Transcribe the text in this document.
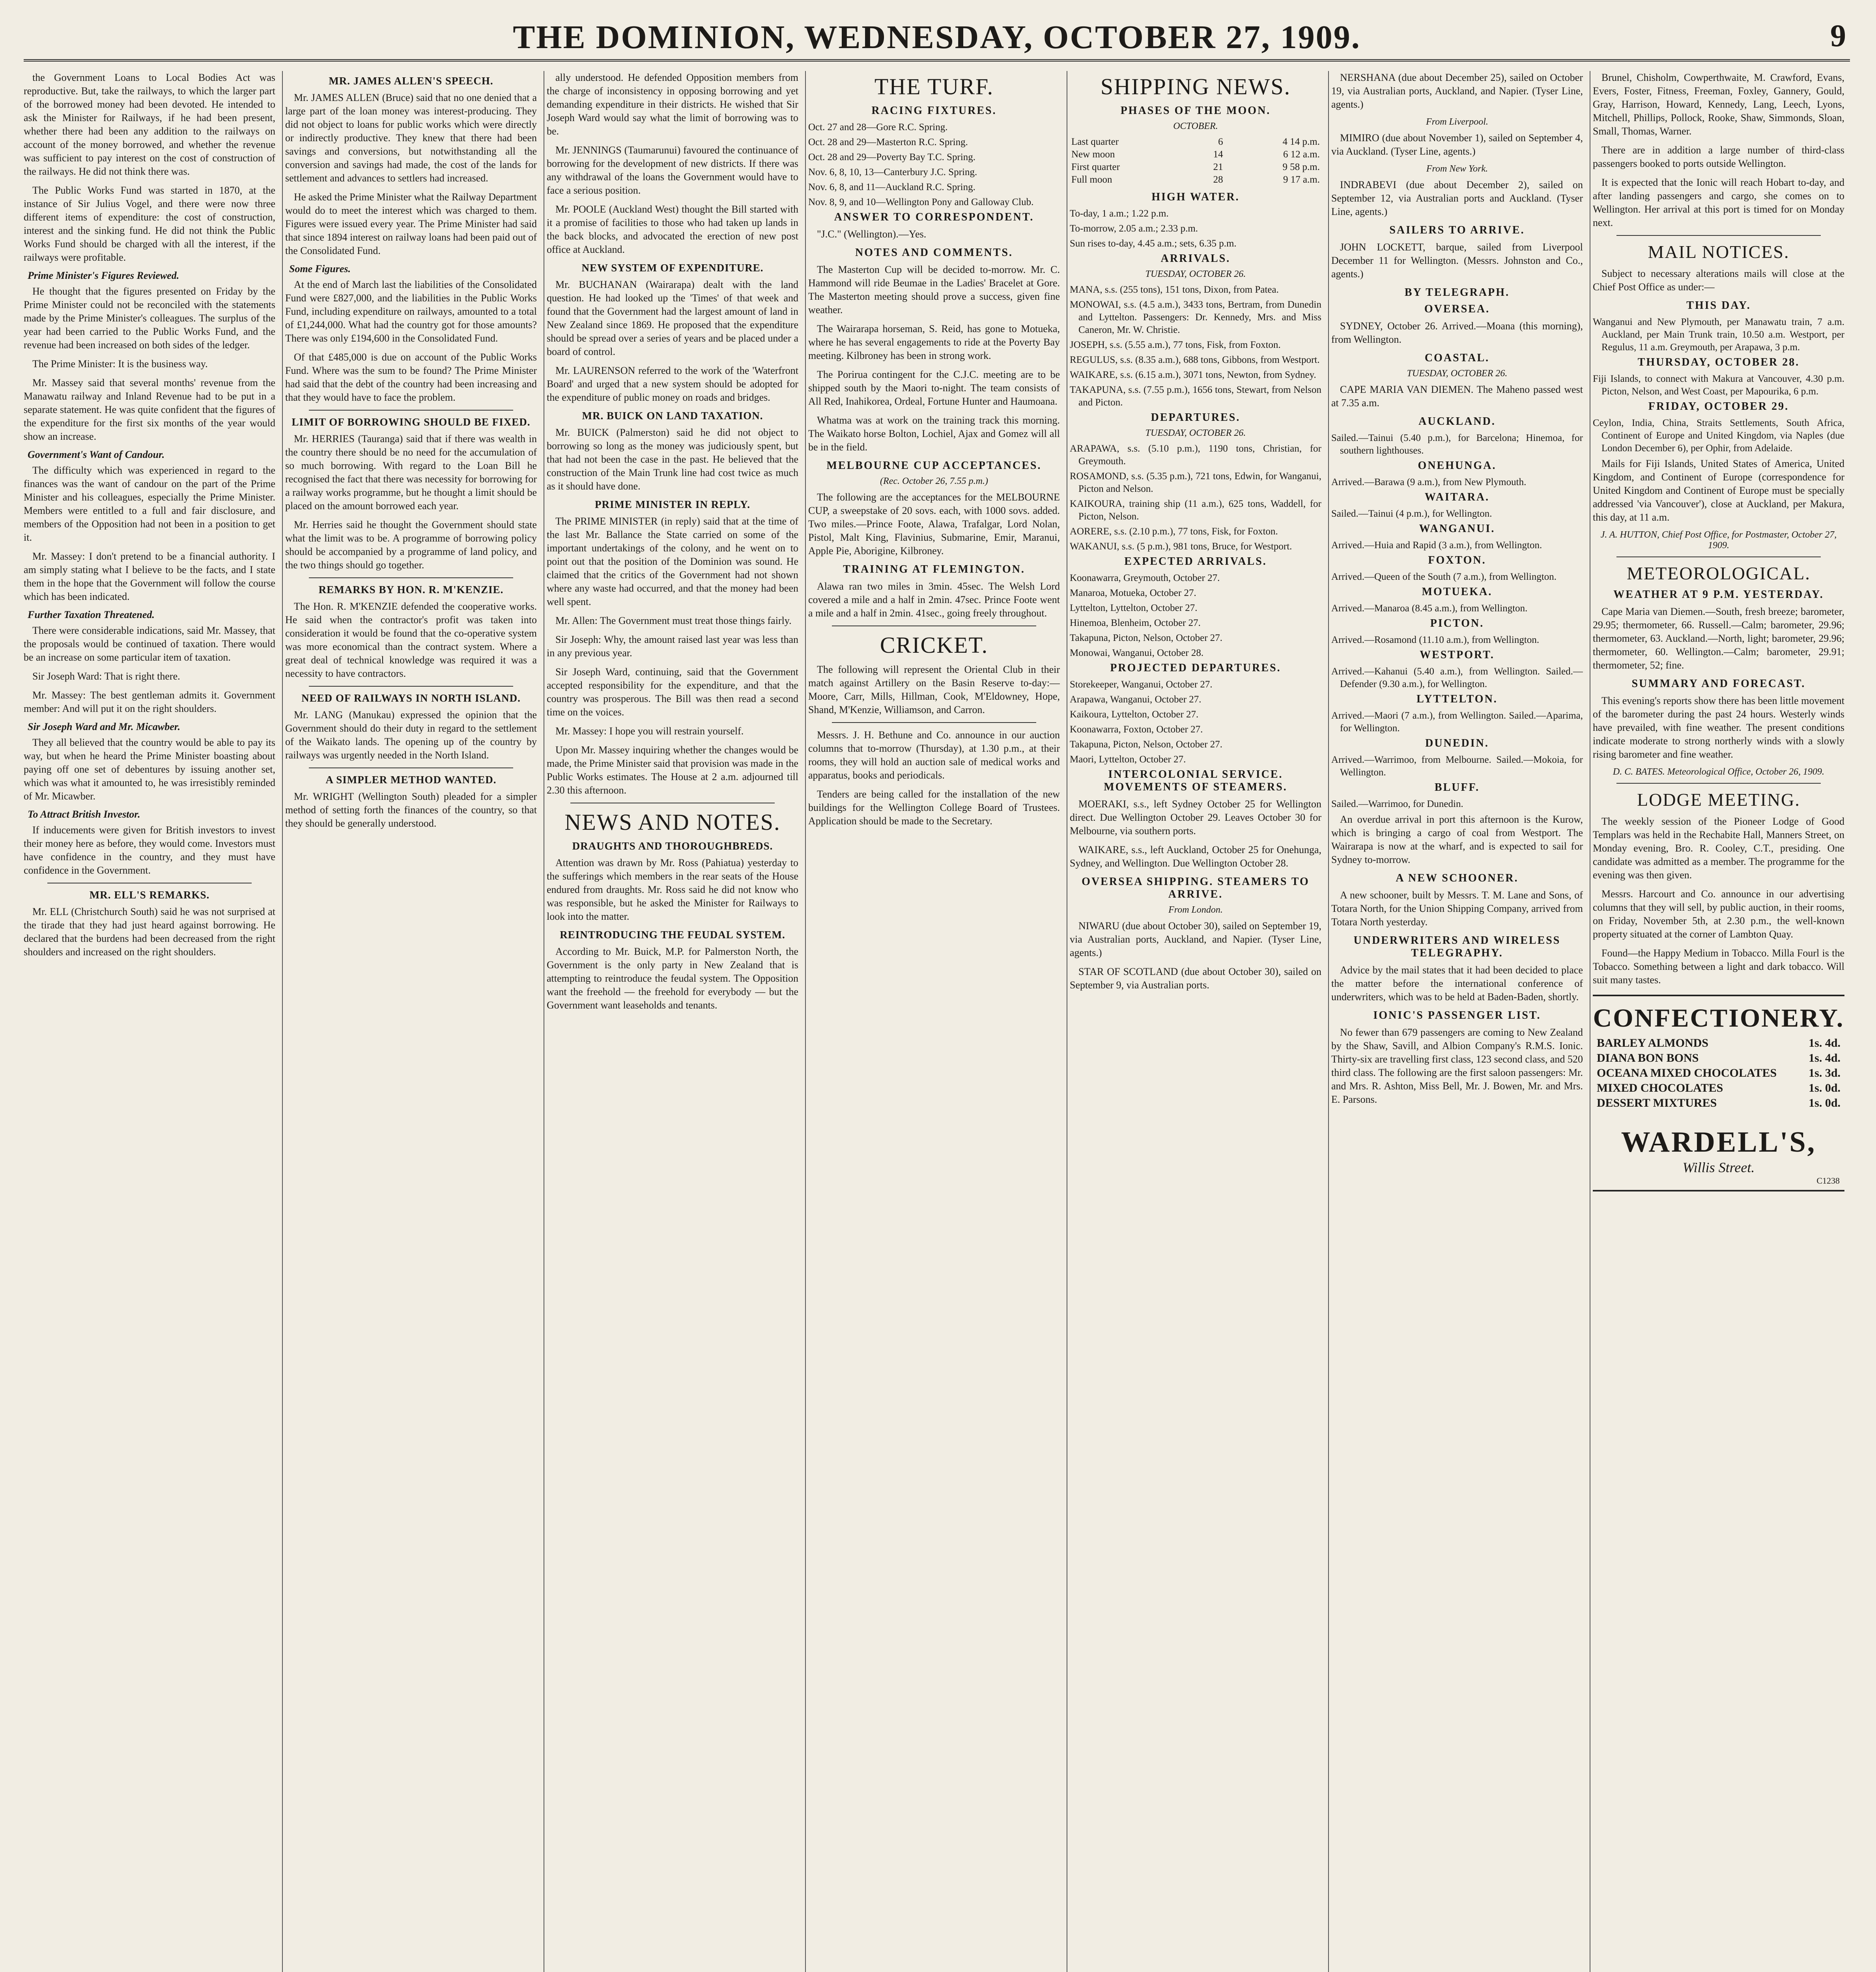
THE DOMINION, WEDNESDAY, OCTOBER 27, 1909.	9

the Government Loans to Local Bodies Act was reproductive. But, take the railways, to which the larger part of the borrowed money had been devoted. He intended to ask the Minister for Railways, if he had been present, whether there had been any addition to the railways on account of the money borrowed, and whether the revenue was sufficient to pay interest on the cost of construction of the railways. He did not think there was.

The Public Works Fund was started in 1870, at the instance of Sir Julius Vogel, and there were now three different items of expenditure: the cost of construction, interest and the sinking fund. He did not think the Public Works Fund should be charged with all the interest, if the railways were profitable.

Prime Minister's Figures Reviewed.

He thought that the figures presented on Friday by the Prime Minister could not be reconciled with the statements made by the Prime Minister's colleagues. The surplus of the year had been carried to the Public Works Fund, and the revenue had been increased on both sides of the ledger.

The Prime Minister: It is the business way.

Mr. Massey said that several months' revenue from the Manawatu railway and Inland Revenue had to be put in a separate statement. He was quite confident that the figures of the expenditure for the first six months of the year would show an increase.

Government's Want of Candour.

The difficulty which was experienced in regard to the finances was the want of candour on the part of the Prime Minister and his colleagues, especially the Prime Minister. Members were entitled to a full and fair disclosure, and members of the Opposition had not been in a position to get it.

Mr. Massey: I don't pretend to be a financial authority. I am simply stating what I believe to be the facts, and I state them in the hope that the Government will follow the course which has been indicated.

Further Taxation Threatened.

There were considerable indications, said Mr. Massey, that the proposals would be continued of taxation. There would be an increase on some particular item of taxation.

Sir Joseph Ward: That is right there.

Mr. Massey: The best gentleman admits it. Government member: And will put it on the right shoulders.

Sir Joseph Ward and Mr. Micawber.

They all believed that the country would be able to pay its way, but when he heard the Prime Minister boasting about paying off one set of debentures by issuing another set, which was what it amounted to, he was irresistibly reminded of Mr. Micawber.

To Attract British Investor.

If inducements were given for British investors to invest their money here as before, they would come. Investors must have confidence in the country, and they must have confidence in the Government.

MR. ELL'S REMARKS.

Mr. ELL (Christchurch South) said he was not surprised at the tirade that they had just heard against borrowing. He declared that the burdens had been decreased from the right shoulders and increased on the right shoulders.

MR. JAMES ALLEN'S SPEECH.

Mr. JAMES ALLEN (Bruce) said that no one denied that a large part of the loan money was interest-producing. They did not object to loans for public works which were directly or indirectly productive. They knew that there had been savings and conversions, but notwithstanding all the conversion and savings had made, the cost of the lands for settlement and advances to settlers had increased.

He asked the Prime Minister what the Railway Department would do to meet the interest which was charged to them. Figures were issued every year. The Prime Minister had said that since 1894 interest on railway loans had been paid out of the Consolidated Fund.

Some Figures.

At the end of March last the liabilities of the Consolidated Fund were £827,000, and the liabilities in the Public Works Fund, including expenditure on railways, amounted to a total of £1,244,000. What had the country got for those amounts? There was only £194,600 in the Consolidated Fund.

Of that £485,000 is due on account of the Public Works Fund. Where was the sum to be found? The Prime Minister had said that the debt of the country had been increasing and that they would have to face the problem.

LIMIT OF BORROWING SHOULD BE FIXED.

Mr. HERRIES (Tauranga) said that if there was wealth in the country there should be no need for the accumulation of so much borrowing. With regard to the Loan Bill he recognised the fact that there was necessity for borrowing for a railway works programme, but he thought a limit should be placed on the amount borrowed each year.

Mr. Herries said he thought the Government should state what the limit was to be. A programme of borrowing policy should be accompanied by a programme of land policy, and the two things should go together.

REMARKS BY HON. R. M'KENZIE.

The Hon. R. M'KENZIE defended the cooperative works. He said when the contractor's profit was taken into consideration it would be found that the co-operative system was more economical than the contract system. Where a great deal of technical knowledge was required it was a necessity to have contractors.

NEED OF RAILWAYS IN NORTH ISLAND.

Mr. LANG (Manukau) expressed the opinion that the Government should do their duty in regard to the settlement of the Waikato lands. The opening up of the country by railways was urgently needed in the North Island.

A SIMPLER METHOD WANTED.

Mr. WRIGHT (Wellington South) pleaded for a simpler method of setting forth the finances of the country, so that they should be generally understood.

ally understood. He defended Opposition members from the charge of inconsistency in opposing borrowing and yet demanding expenditure in their districts. He wished that Sir Joseph Ward would say what the limit of borrowing was to be.

Mr. JENNINGS (Taumarunui) favoured the continuance of borrowing for the development of new districts. If there was any withdrawal of the loans the Government would have to face a serious position.

Mr. POOLE (Auckland West) thought the Bill started with it a promise of facilities to those who had taken up lands in the back blocks, and advocated the erection of new post office at Auckland.

NEW SYSTEM OF EXPENDITURE.

Mr. BUCHANAN (Wairarapa) dealt with the land question. He had looked up the 'Times' of that week and found that the Government had the largest amount of land in New Zealand since 1869. He proposed that the expenditure should be spread over a series of years and be placed under a board of control.

Mr. LAURENSON referred to the work of the 'Waterfront Board' and urged that a new system should be adopted for the expenditure of public money on roads and bridges.

MR. BUICK ON LAND TAXATION.

Mr. BUICK (Palmerston) said he did not object to borrowing so long as the money was judiciously spent, but that had not been the case in the past. He believed that the construction of the Main Trunk line had cost twice as much as it should have done.

PRIME MINISTER IN REPLY.

The PRIME MINISTER (in reply) said that at the time of the last Mr. Ballance the State carried on some of the important undertakings of the colony, and he went on to point out that the position of the Dominion was sound. He claimed that the critics of the Government had not shown where any waste had occurred, and that the money had been well spent.

Mr. Allen: The Government must treat those things fairly.

Sir Joseph: Why, the amount raised last year was less than in any previous year.

Sir Joseph Ward, continuing, said that the Government accepted responsibility for the expenditure, and that the country was prosperous. The Bill was then read a second time on the voices.

Mr. Massey: I hope you will restrain yourself.

Upon Mr. Massey inquiring whether the changes would be made, the Prime Minister said that provision was made in the Public Works estimates. The House at 2 a.m. adjourned till 2.30 this afternoon.

NEWS AND NOTES.
DRAUGHTS AND THOROUGHBREDS.

Attention was drawn by Mr. Ross (Pahiatua) yesterday to the sufferings which members in the rear seats of the House endured from draughts. Mr. Ross said he did not know who was responsible, but he asked the Minister for Railways to look into the matter.

REINTRODUCING THE FEUDAL SYSTEM.

According to Mr. Buick, M.P. for Palmerston North, the Government is the only party in New Zealand that is attempting to reintroduce the feudal system. The Opposition want the freehold — the freehold for everybody — but the Government want leaseholds and tenants.

THE TURF.
RACING FIXTURES.
Oct. 27 and 28—Gore R.C. Spring.
Oct. 28 and 29—Masterton R.C. Spring.
Oct. 28 and 29—Poverty Bay T.C. Spring.
Nov. 6, 8, 10, 13—Canterbury J.C. Spring.
Nov. 6, 8, and 11—Auckland R.C. Spring.
Nov. 8, 9, and 10—Wellington Pony and Galloway Club.
ANSWER TO CORRESPONDENT.

"J.C." (Wellington).—Yes.

NOTES AND COMMENTS.

The Masterton Cup will be decided to-morrow. Mr. C. Hammond will ride Beumae in the Ladies' Bracelet at Gore. The Masterton meeting should prove a success, given fine weather.

The Wairarapa horseman, S. Reid, has gone to Motueka, where he has several engagements to ride at the Poverty Bay meeting. Kilbroney has been in strong work.

The Porirua contingent for the C.J.C. meeting are to be shipped south by the Maori to-night. The team consists of All Red, Inahikorea, Ordeal, Fortune Hunter and Haumoana.

Whatma was at work on the training track this morning. The Waikato horse Bolton, Lochiel, Ajax and Gomez will all be in the field.

MELBOURNE CUP ACCEPTANCES.
(Rec. October 26, 7.55 p.m.)

The following are the acceptances for the MELBOURNE CUP, a sweepstake of 20 sovs. each, with 1000 sovs. added. Two miles.—Prince Foote, Alawa, Trafalgar, Lord Nolan, Pistol, Malt King, Flavinius, Submarine, Emir, Maranui, Apple Pie, Aborigine, Kilbroney.

TRAINING AT FLEMINGTON.

Alawa ran two miles in 3min. 45sec. The Welsh Lord covered a mile and a half in 2min. 47sec. Prince Foote went a mile and a half in 2min. 41sec., going freely throughout.

CRICKET.

The following will represent the Oriental Club in their match against Artillery on the Basin Reserve to-day:—Moore, Carr, Mills, Hillman, Cook, M'Eldowney, Hope, Shand, M'Kenzie, Williamson, and Carron.

Messrs. J. H. Bethune and Co. announce in our auction columns that to-morrow (Thursday), at 1.30 p.m., at their rooms, they will hold an auction sale of medical works and apparatus, books and periodicals.

Tenders are being called for the installation of the new buildings for the Wellington College Board of Trustees. Application should be made to the Secretary.

SHIPPING NEWS.
PHASES OF THE MOON.
OCTOBER.
Last quarter	6	4 14 p.m.
New moon	14	6 12 a.m.
First quarter	21	9 58 p.m.
Full moon	28	9 17 a.m.
HIGH WATER.
To-day, 1 a.m.; 1.22 p.m.
To-morrow, 2.05 a.m.; 2.33 p.m.
Sun rises to-day, 4.45 a.m.; sets, 6.35 p.m.
ARRIVALS.
TUESDAY, OCTOBER 26.
MANA, s.s. (255 tons), 151 tons, Dixon, from Patea.
MONOWAI, s.s. (4.5 a.m.), 3433 tons, Bertram, from Dunedin and Lyttelton. Passengers: Dr. Kennedy, Mrs. and Miss Caneron, Mr. W. Christie.
JOSEPH, s.s. (5.55 a.m.), 77 tons, Fisk, from Foxton.
REGULUS, s.s. (8.35 a.m.), 688 tons, Gibbons, from Westport.
WAIKARE, s.s. (6.15 a.m.), 3071 tons, Newton, from Sydney.
TAKAPUNA, s.s. (7.55 p.m.), 1656 tons, Stewart, from Nelson and Picton.
DEPARTURES.
TUESDAY, OCTOBER 26.
ARAPAWA, s.s. (5.10 p.m.), 1190 tons, Christian, for Greymouth.
ROSAMOND, s.s. (5.35 p.m.), 721 tons, Edwin, for Wanganui, Picton and Nelson.
KAIKOURA, training ship (11 a.m.), 625 tons, Waddell, for Picton, Nelson.
AORERE, s.s. (2.10 p.m.), 77 tons, Fisk, for Foxton.
WAKANUI, s.s. (5 p.m.), 981 tons, Bruce, for Westport.
EXPECTED ARRIVALS.
Koonawarra, Greymouth, October 27.
Manaroa, Motueka, October 27.
Lyttelton, Lyttelton, October 27.
Hinemoa, Blenheim, October 27.
Takapuna, Picton, Nelson, October 27.
Monowai, Wanganui, October 28.
PROJECTED DEPARTURES.
Storekeeper, Wanganui, October 27.
Arapawa, Wanganui, October 27.
Kaikoura, Lyttelton, October 27.
Koonawarra, Foxton, October 27.
Takapuna, Picton, Nelson, October 27.
Maori, Lyttelton, October 27.
INTERCOLONIAL SERVICE. MOVEMENTS OF STEAMERS.

MOERAKI, s.s., left Sydney October 25 for Wellington direct. Due Wellington October 29. Leaves October 30 for Melbourne, via southern ports.

WAIKARE, s.s., left Auckland, October 25 for Onehunga, Sydney, and Wellington. Due Wellington October 28.

OVERSEA SHIPPING. STEAMERS TO ARRIVE.
From London.

NIWARU (due about October 30), sailed on September 19, via Australian ports, Auckland, and Napier. (Tyser Line, agents.)

STAR OF SCOTLAND (due about October 30), sailed on September 9, via Australian ports.

NERSHANA (due about December 25), sailed on October 19, via Australian ports, Auckland, and Napier. (Tyser Line, agents.)

From Liverpool.

MIMIRO (due about November 1), sailed on September 4, via Auckland. (Tyser Line, agents.)

From New York.

INDRABEVI (due about December 2), sailed on September 12, via Australian ports and Auckland. (Tyser Line, agents.)

SAILERS TO ARRIVE.

JOHN LOCKETT, barque, sailed from Liverpool December 11 for Wellington. (Messrs. Johnston and Co., agents.)

BY TELEGRAPH.
OVERSEA.

SYDNEY, October 26. Arrived.—Moana (this morning), from Wellington.

COASTAL.
TUESDAY, OCTOBER 26.

CAPE MARIA VAN DIEMEN. The Maheno passed west at 7.35 a.m.

AUCKLAND.
Sailed.—Tainui (5.40 p.m.), for Barcelona; Hinemoa, for southern lighthouses.
ONEHUNGA.
Arrived.—Barawa (9 a.m.), from New Plymouth.
WAITARA.
Sailed.—Tainui (4 p.m.), for Wellington.
WANGANUI.
Arrived.—Huia and Rapid (3 a.m.), from Wellington.
FOXTON.
Arrived.—Queen of the South (7 a.m.), from Wellington.
MOTUEKA.
Arrived.—Manaroa (8.45 a.m.), from Wellington.
PICTON.
Arrived.—Rosamond (11.10 a.m.), from Wellington.
WESTPORT.
Arrived.—Kahanui (5.40 a.m.), from Wellington. Sailed.—Defender (9.30 a.m.), for Wellington.
LYTTELTON.
Arrived.—Maori (7 a.m.), from Wellington. Sailed.—Aparima, for Wellington.
DUNEDIN.
Arrived.—Warrimoo, from Melbourne. Sailed.—Mokoia, for Wellington.
BLUFF.
Sailed.—Warrimoo, for Dunedin.

An overdue arrival in port this afternoon is the Kurow, which is bringing a cargo of coal from Westport. The Wairarapa is now at the wharf, and is expected to sail for Sydney to-morrow.

A NEW SCHOONER.

A new schooner, built by Messrs. T. M. Lane and Sons, of Totara North, for the Union Shipping Company, arrived from Totara North yesterday.

UNDERWRITERS AND WIRELESS TELEGRAPHY.

Advice by the mail states that it had been decided to place the matter before the international conference of underwriters, which was to be held at Baden-Baden, shortly.

IONIC'S PASSENGER LIST.

No fewer than 679 passengers are coming to New Zealand by the Shaw, Savill, and Albion Company's R.M.S. Ionic. Thirty-six are travelling first class, 123 second class, and 520 third class. The following are the first saloon passengers: Mr. and Mrs. R. Ashton, Miss Bell, Mr. J. Bowen, Mr. and Mrs. E. Parsons.

Brunel, Chisholm, Cowperthwaite, M. Crawford, Evans, Evers, Foster, Fitness, Freeman, Foxley, Gannery, Gould, Gray, Harrison, Howard, Kennedy, Lang, Leech, Lyons, Mitchell, Phillips, Pollock, Rooke, Shaw, Simmonds, Sloan, Small, Thomas, Warner.

There are in addition a large number of third-class passengers booked to ports outside Wellington.

It is expected that the Ionic will reach Hobart to-day, and after landing passengers and cargo, she comes on to Wellington. Her arrival at this port is timed for on Monday next.

MAIL NOTICES.

Subject to necessary alterations mails will close at the Chief Post Office as under:—

THIS DAY.
Wanganui and New Plymouth, per Manawatu train, 7 a.m. Auckland, per Main Trunk train, 10.50 a.m. Westport, per Regulus, 11 a.m. Greymouth, per Arapawa, 3 p.m.
THURSDAY, OCTOBER 28.
Fiji Islands, to connect with Makura at Vancouver, 4.30 p.m. Picton, Nelson, and West Coast, per Mapourika, 6 p.m.
FRIDAY, OCTOBER 29.
Ceylon, India, China, Straits Settlements, South Africa, Continent of Europe and United Kingdom, via Naples (due London December 6), per Ophir, from Adelaide.

Mails for Fiji Islands, United States of America, United Kingdom, and Continent of Europe (correspondence for United Kingdom and Continent of Europe must be specially addressed 'via Vancouver'), close at Auckland, per Makura, this day, at 11 a.m.

J. A. HUTTON, Chief Post Office, for Postmaster, October 27, 1909.
METEOROLOGICAL.
WEATHER AT 9 P.M. YESTERDAY.

Cape Maria van Diemen.—South, fresh breeze; barometer, 29.95; thermometer, 66. Russell.—Calm; barometer, 29.96; thermometer, 63. Auckland.—North, light; barometer, 29.96; thermometer, 60. Wellington.—Calm; barometer, 29.91; thermometer, 52; fine.

SUMMARY AND FORECAST.

This evening's reports show there has been little movement of the barometer during the past 24 hours. Westerly winds have prevailed, with fine weather. The present conditions indicate moderate to strong northerly winds with a slowly rising barometer and fine weather.

D. C. BATES. Meteorological Office, October 26, 1909.
LODGE MEETING.

The weekly session of the Pioneer Lodge of Good Templars was held in the Rechabite Hall, Manners Street, on Monday evening, Bro. R. Cooley, C.T., presiding. One candidate was admitted as a member. The programme for the evening was then given.

Messrs. Harcourt and Co. announce in our advertising columns that they will sell, by public auction, in their rooms, on Friday, November 5th, at 2.30 p.m., the well-known property situated at the corner of Lambton Quay.

Found—the Happy Medium in Tobacco. Milla Fourl is the Tobacco. Something between a light and dark tobacco. Will suit many tastes.

CONFECTIONERY.
BARLEY ALMONDS	1s. 4d.
DIANA BON BONS	1s. 4d.
OCEANA MIXED CHOCOLATES	1s. 3d.
MIXED CHOCOLATES	1s. 0d.
DESSERT MIXTURES	1s. 0d.
WARDELL'S,
Willis Street.
C1238
